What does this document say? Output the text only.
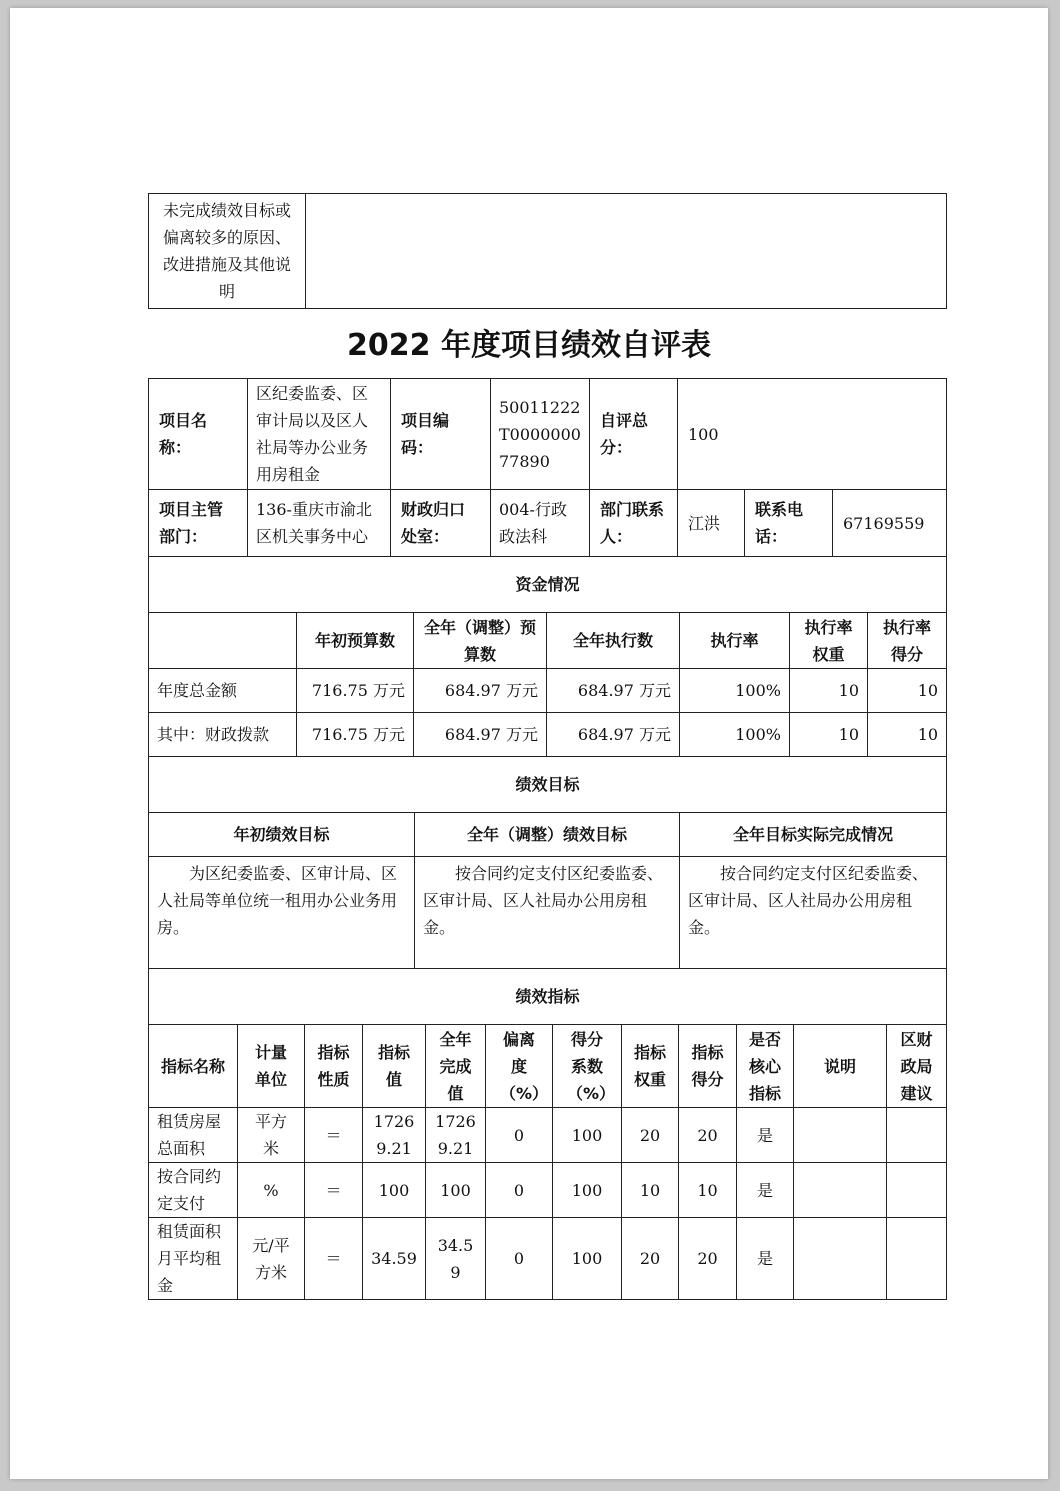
未完成绩效目标或偏离较多的原因、改进措施及其他说明	
2022 年度项目绩效自评表
项目名称：	区纪委监委、区审计局以及区人社局等办公业务用房租金	项目编码：	50011222T000000077890	自评总分：	100		
项目主管部门：	136-重庆市渝北区机关事务中心	财政归口处室：	004-行政政法科	部门联系人：	江洪	联系电话：	67169559
资金情况						
	年初预算数	全年（调整）预算数	全年执行数	执行率	执行率权重	执行率得分
年度总金额	716.75 万元	684.97 万元	684.97 万元	100%	10	10
其中：财政拨款	716.75 万元	684.97 万元	684.97 万元	100%	10	10
绩效目标		
年初绩效目标	全年（调整）绩效目标	全年目标实际完成情况
为区纪委监委、区审计局、区人社局等单位统一租用办公业务用房。	按合同约定支付区纪委监委、区审计局、区人社局办公用房租金。	按合同约定支付区纪委监委、区审计局、区人社局办公用房租金。
绩效指标											
指标名称	计量单位	指标性质	指标值	全年完成值	偏离度（%）	得分系数（%）	指标权重	指标得分	是否核心指标	说明	区财政局建议
租赁房屋总面积	平方米	＝	17269.21	17269.21	0	100	20	20	是		
按合同约定支付	%	＝	100	100	0	100	10	10	是		
租赁面积月平均租金	元/平方米	＝	34.59	34.59	0	100	20	20	是		
